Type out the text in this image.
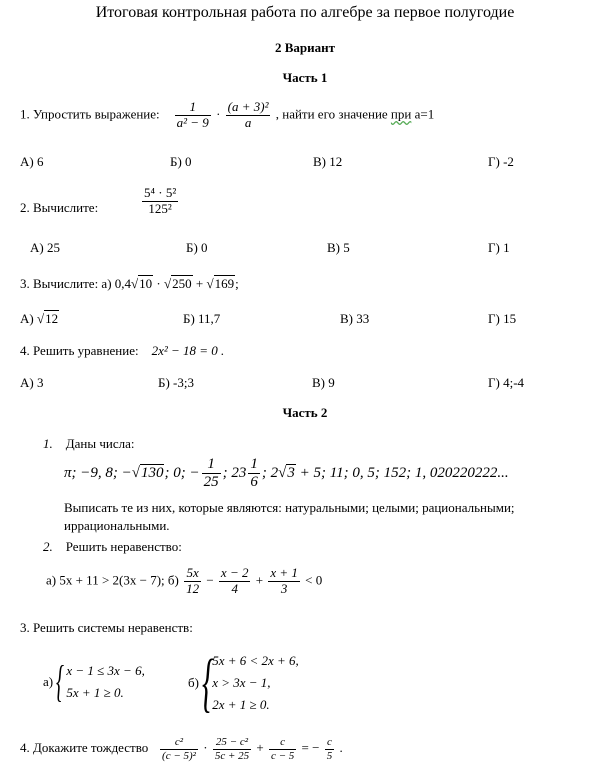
Итоговая контрольная работа по алгебре за первое полугодие
2 Вариант
Часть 1
1. Упростить выражение: $\frac{1}{\text{a² − 9}} \cdot \frac{\text{(a + 3)²}}{a}$ , найти его значение при a=1
А) 6	Б) 0	В) 12	Г) -2
2. Вычислите:	$\frac{\text{5⁴ · 5²}}{\text{125²}}$
А) 25	Б) 0	В) 5	Г) 1
3. Вычислите: а) 0,4√10 · √250 + √169;
А) √12	Б) 11,7	В) 33	Г) 15
4. Решить уравнение: 2x² − 18 = 0 .
А) 3	Б) -3;3	В) 9	Г) 4;-4
Часть 2
1. Даны числа:
π; −9, 8; −√130; 0; − $\frac{1}{25}$ ; $23 \frac{1}{6}$ ; 2√3 + 5; 11; 0, 5; 152; 1, 020220222...
Выписать те из них, которые являются: натуральными; целыми; рациональными;
иррациональными.
2. Решить неравенство:
а) 5x + 11 > 2(3x − 7); $б) \frac{5x}{12} - \frac{x - 2}{4} + \frac{x + 1}{3} < 0$
3. Решить системы неравенств:
а) { x − 1 ≤ 3x − 6,
5x + 1 ≥ 0.
б) {
5x + 6 < 2x + 6,
x > 3x − 1,
2x + 1 ≥ 0.
4. Докажите тождество $\frac{\text{c²}}{\text{(c − 5)²}} \cdot \frac{\text{25 − c²}}{5c + 25} + \frac{c}{c - 5}$ = − $\frac{c}{5}$ .
